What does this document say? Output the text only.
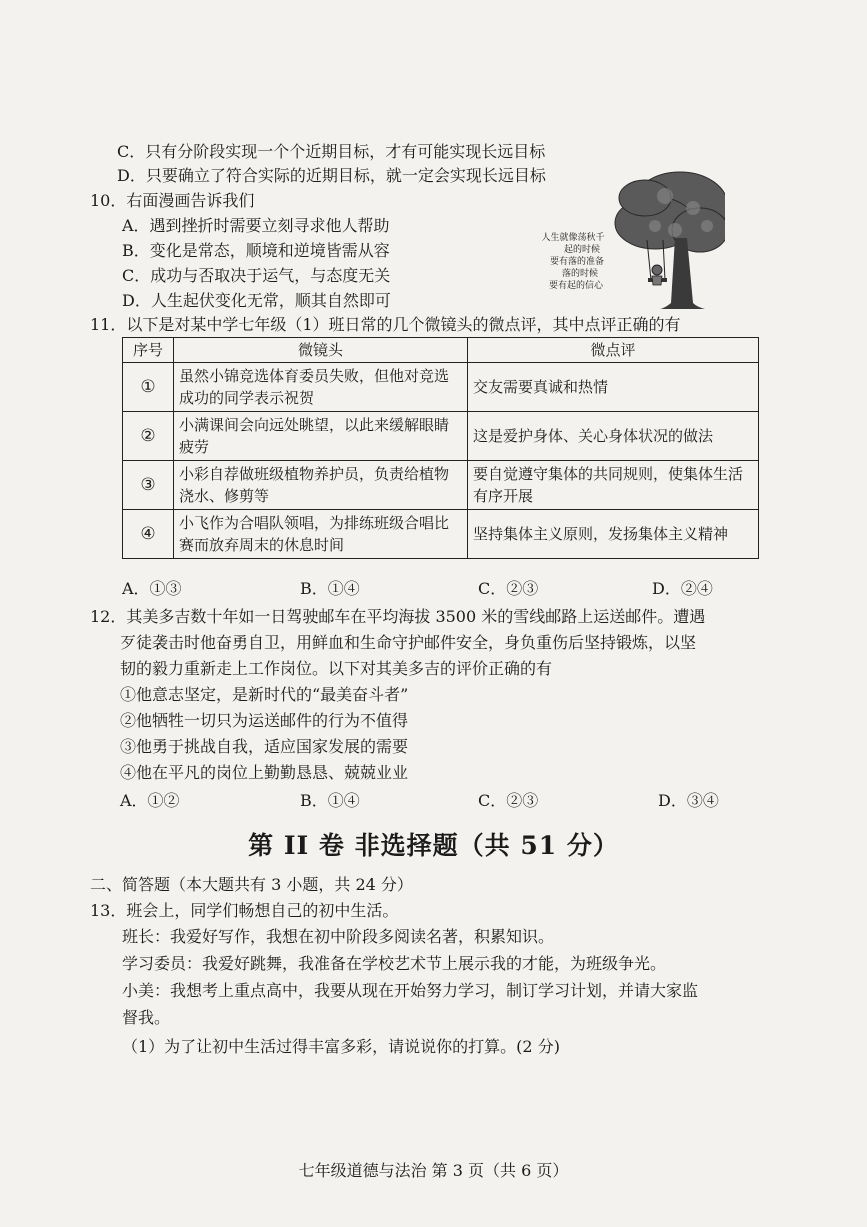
C．只有分阶段实现一个个近期目标，才有可能实现长远目标
D．只要确立了符合实际的近期目标，就一定会实现长远目标
10．右面漫画告诉我们
A．遇到挫折时需要立刻寻求他人帮助
B．变化是常态，顺境和逆境皆需从容
C．成功与否取决于运气，与态度无关
D．人生起伏变化无常，顺其自然即可
人生就像荡秋千
起的时候
要有落的准备
落的时候
要有起的信心
11．以下是对某中学七年级（1）班日常的几个微镜头的微点评，其中点评正确的有
序号	微镜头	微点评
①	虽然小锦竞选体育委员失败，但他对竞选成功的同学表示祝贺	交友需要真诚和热情
②	小满课间会向远处眺望，以此来缓解眼睛疲劳	这是爱护身体、关心身体状况的做法
③	小彩自荐做班级植物养护员，负责给植物浇水、修剪等	要自觉遵守集体的共同规则，使集体生活有序开展
④	小飞作为合唱队领唱，为排练班级合唱比赛而放弃周末的休息时间	坚持集体主义原则，发扬集体主义精神
A．①③	B．①④	C．②③	D．②④
12．其美多吉数十年如一日驾驶邮车在平均海拔 3500 米的雪线邮路上运送邮件。遭遇
歹徒袭击时他奋勇自卫，用鲜血和生命守护邮件安全，身负重伤后坚持锻炼，以坚
韧的毅力重新走上工作岗位。以下对其美多吉的评价正确的有
①他意志坚定，是新时代的“最美奋斗者”
②他牺牲一切只为运送邮件的行为不值得
③他勇于挑战自我，适应国家发展的需要
④他在平凡的岗位上勤勤恳恳、兢兢业业
A．①②	B．①④	C．②③	D．③④
第 II 卷 非选择题（共 51 分）
二、简答题（本大题共有 3 小题，共 24 分）
13．班会上，同学们畅想自己的初中生活。
班长：我爱好写作，我想在初中阶段多阅读名著，积累知识。
学习委员：我爱好跳舞，我准备在学校艺术节上展示我的才能，为班级争光。
小美：我想考上重点高中，我要从现在开始努力学习，制订学习计划，并请大家监
督我。
（1）为了让初中生活过得丰富多彩，请说说你的打算。(2 分)
七年级道德与法治 第 3 页（共 6 页）
